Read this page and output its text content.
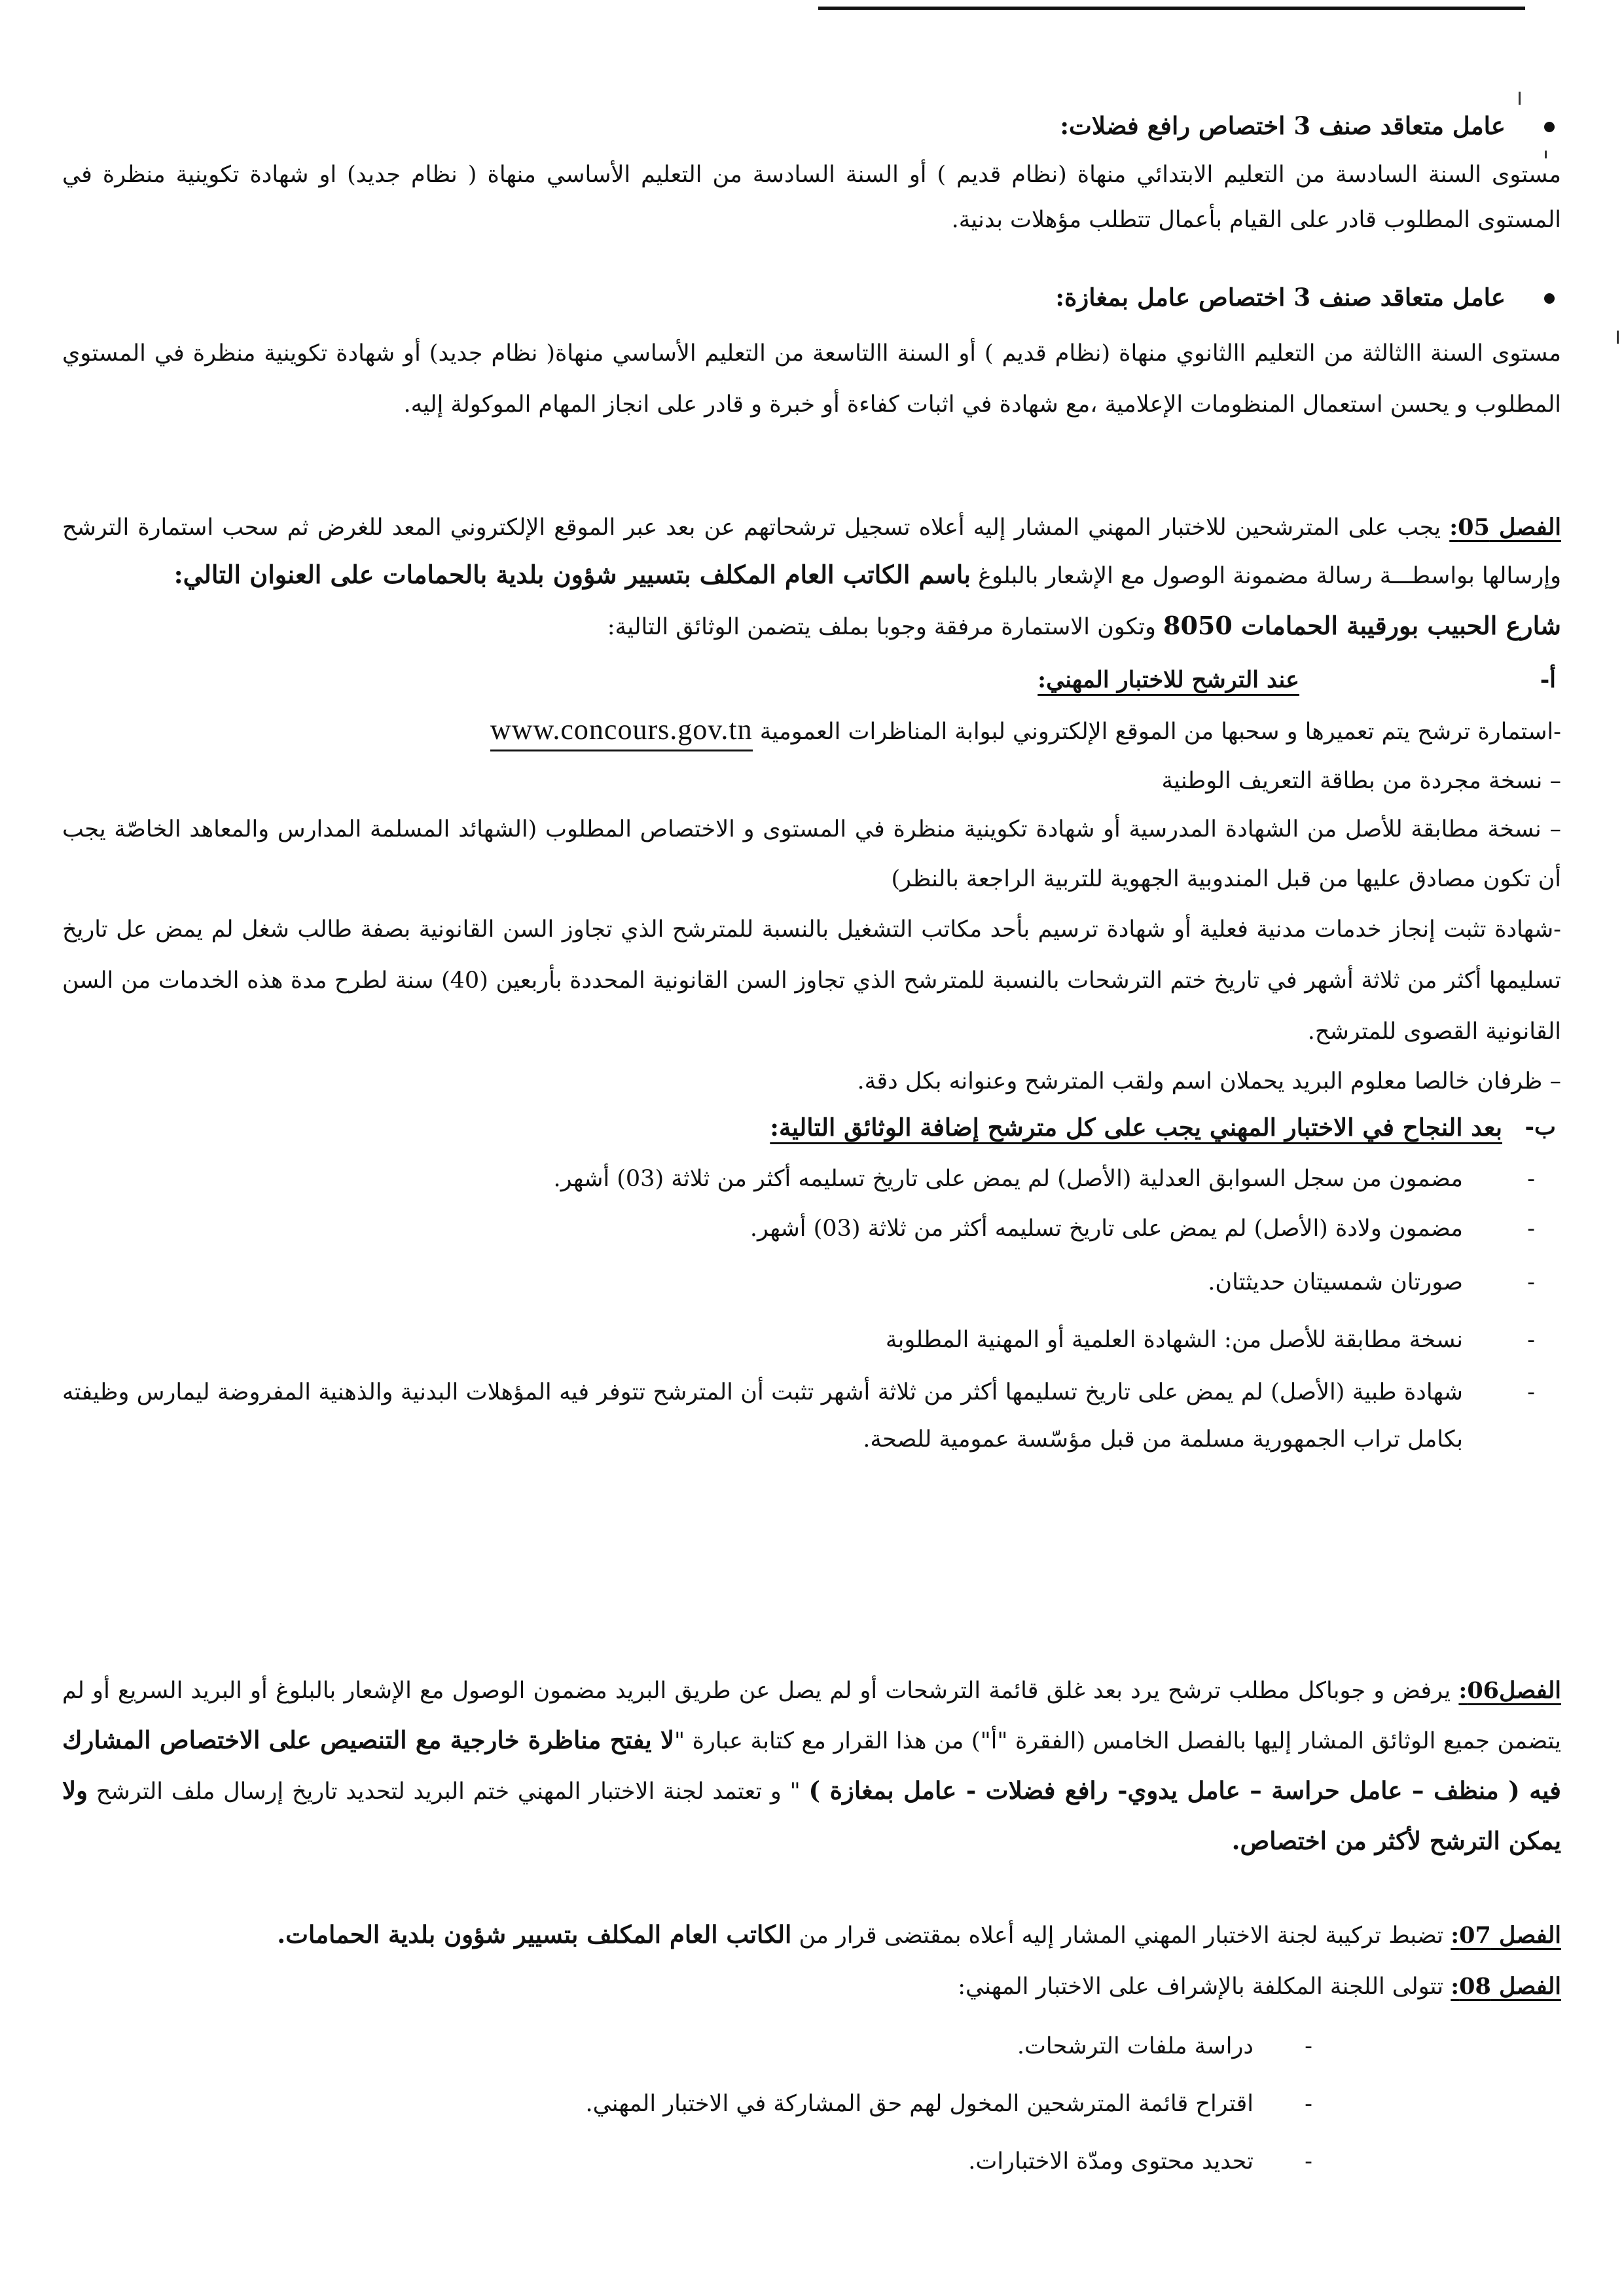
عامل متعاقد صنف 3 اختصاص رافع فضلات:

مستوى السنة السادسة من التعليم الابتدائي منهاة (نظام قديم ) أو السنة السادسة من التعليم الأساسي منهاة ( نظام جديد) او شهادة تكوينية منظرة في المستوى المطلوب قادر على القيام بأعمال تتطلب مؤهلات بدنية.

عامل متعاقد صنف 3 اختصاص عامل بمغازة:

مستوى السنة االثالثة من التعليم االثانوي منهاة (نظام قديم ) أو السنة االتاسعة من التعليم الأساسي منهاة( نظام جديد) أو شهادة تكوينية منظرة في المستوي المطلوب و يحسن استعمال المنظومات الإعلامية ،مع شهادة في اثبات كفاءة أو خبرة و قادر على انجاز المهام الموكولة إليه.

الفصل 05: يجب على المترشحين للاختبار المهني المشار إليه أعلاه تسجيل ترشحاتهم عن بعد عبر الموقع الإلكتروني المعد للغرض ثم سحب استمارة الترشح وإرسالها بواسطـــة رسالة مضمونة الوصول مع الإشعار بالبلوغ باسم الكاتب العام المكلف بتسيير شؤون بلدية بالحمامات على العنوان التالي:

شارع الحبيب بورقيبة الحمامات 8050 وتكون الاستمارة مرفقة وجوبا بملف يتضمن الوثائق التالية:

أ-
عند الترشح للاختبار المهني:

-استمارة ترشح يتم تعميرها و سحبها من الموقع الإلكتروني لبوابة المناظرات العمومية www.concours.gov.tn

– نسخة مجردة من بطاقة التعريف الوطنية

– نسخة مطابقة للأصل من الشهادة المدرسية أو شهادة تكوينية منظرة في المستوى و الاختصاص المطلوب (الشهائد المسلمة المدارس والمعاهد الخاصّة يجب أن تكون مصادق عليها من قبل المندوبية الجهوية للتربية الراجعة بالنظر)

-شهادة تثبت إنجاز خدمات مدنية فعلية أو شهادة ترسيم بأحد مكاتب التشغيل بالنسبة للمترشح الذي تجاوز السن القانونية بصفة طالب شغل لم يمض عل تاريخ تسليمها أكثر من ثلاثة أشهر في تاريخ ختم الترشحات بالنسبة للمترشح الذي تجاوز السن القانونية المحددة بأربعين (40) سنة لطرح مدة هذه الخدمات من السن القانونية القصوى للمترشح.

– ظرفان خالصا معلوم البريد يحملان اسم ولقب المترشح وعنوانه بكل دقة.

ب-
بعد النجاح في الاختبار المهني يجب على كل مترشح إضافة الوثائق التالية:

-
مضمون من سجل السوابق العدلية (الأصل) لم يمض على تاريخ تسليمه أكثر من ثلاثة (03) أشهر.

-
مضمون ولادة (الأصل) لم يمض على تاريخ تسليمه أكثر من ثلاثة (03) أشهر.

-
صورتان شمسيتان حديثتان.

-
نسخة مطابقة للأصل من: الشهادة العلمية أو المهنية المطلوبة

-
شهادة طبية (الأصل) لم يمض على تاريخ تسليمها أكثر من ثلاثة أشهر تثبت أن المترشح تتوفر فيه المؤهلات البدنية والذهنية المفروضة ليمارس وظيفته بكامل تراب الجمهورية مسلمة من قبل مؤسّسة عمومية للصحة.

الفصل06: يرفض و جوباكل مطلب ترشح يرد بعد غلق قائمة الترشحات أو لم يصل عن طريق البريد مضمون الوصول مع الإشعار بالبلوغ أو البريد السريع أو لم يتضمن جميع الوثائق المشار إليها بالفصل الخامس (الفقرة "أ") من هذا القرار مع كتابة عبارة "لا يفتح مناظرة خارجية مع التنصيص على الاختصاص المشارك فيه ( منظف – عامل حراسة – عامل يدوي- رافع فضلات - عامل بمغازة ) " و تعتمد لجنة الاختبار المهني ختم البريد لتحديد تاريخ إرسال ملف الترشح ولا يمكن الترشح لأكثر من اختصاص.

الفصل 07: تضبط تركيبة لجنة الاختبار المهني المشار إليه أعلاه بمقتضى قرار من الكاتب العام المكلف بتسيير شؤون بلدية الحمامات.

الفصل 08: تتولى اللجنة المكلفة بالإشراف على الاختبار المهني:

-
دراسة ملفات الترشحات.

-
اقتراح قائمة المترشحين المخول لهم حق المشاركة في الاختبار المهني.

-
تحديد محتوى ومدّة الاختبارات.
